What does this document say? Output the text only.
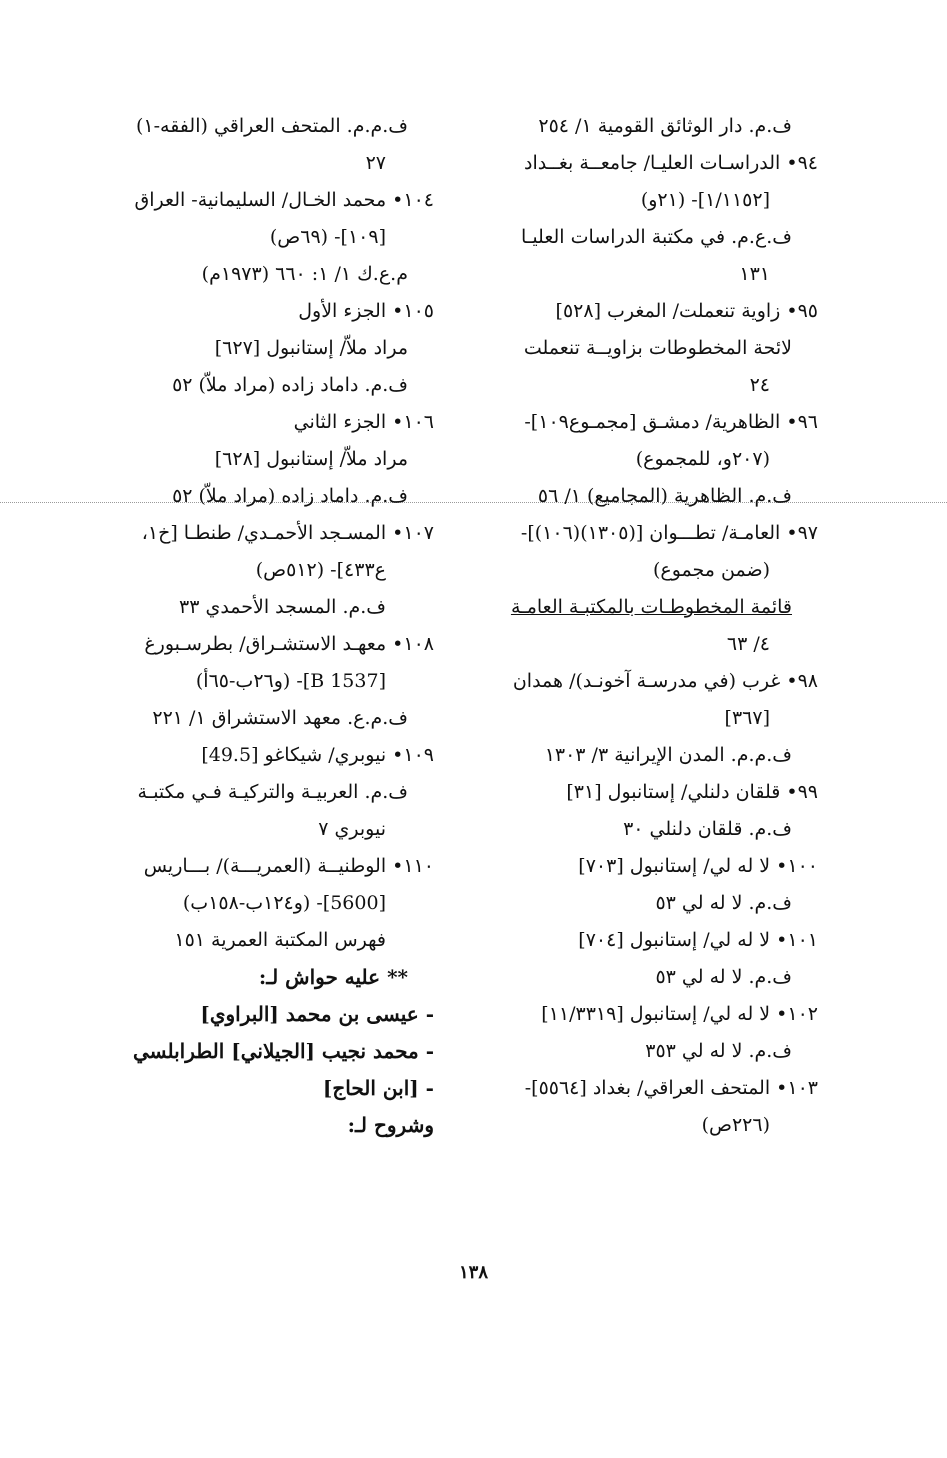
ف.م. دار الوثائق القومية ١/ ٢٥٤
٩٤• الدراسـات العليـا/ جامعــة بغــداد
[١/١١٥٢]- (٢١و)
ف.ع.م. في مكتبة الدراسات العليـا
١٣١
٩٥• زاوية تنعملت/ المغرب [٥٢٨]
لائحة المخطوطات بزاويــة تنعملت
٢٤
٩٦• الظاهرية/ دمشـق [مجمـوع١٠٩]-
(٢٠٧و، للمجموع)
ف.م. الظاهرية (المجاميع) ١/ ٥٦
٩٧• العامـة/ تطـــوان [(١٣٠٥)(١٠٦)]-
(ضمن مجموع)
قائمة المخطوطـات بالمكتبـة العامـة
٤/ ٦٣
٩٨• غرب (في مدرسـة آخونـد)/ همدان
[٣٦٧]
ف.م.م. المدن الإيرانية ٣/ ١٣٠٣
٩٩• قلقان دلنلي/ إستانبول [٣١]
ف.م. قلقان دلنلي ٣٠
١٠٠• لا له لي/ إستانبول [٧٠٣]
ف.م. لا له لي ٥٣
١٠١• لا له لي/ إستانبول [٧٠٤]
ف.م. لا له لي ٥٣
١٠٢• لا له لي/ إستانبول [١١/٣٣١٩]
ف.م. لا له لي ٣٥٣
١٠٣• المتحف العراقي/ بغداد [٥٥٦٤]-
(٢٢٦ص)
ف.م.م. المتحف العراقي (الفقه-١)
٢٧
١٠٤• محمد الخـال/ السليمانية- العراق
[١٠٩]- (٦٩ص)
م.ع.ك ١/ ١: ٦٦٠ (١٩٧٣م)
١٠٥• الجزء الأول
مراد ملاّ/ إستانبول [٦٢٧]
ف.م. داماد زاده (مراد ملاّ) ٥٢
١٠٦• الجزء الثاني
مراد ملاّ/ إستانبول [٦٢٨]
ف.م. داماد زاده (مراد ملاّ) ٥٢
١٠٧• المسـجد الأحمـدي/ طنطـا [خ١،
ع٤٣٣]- (٥١٢ص)
ف.م. المسجد الأحمدي ٣٣
١٠٨• معهـد الاستشـراق/ بطرسـبورغ
[B 1537]- (و٢٦ب-٦٥أ)
ف.م.ع. معهد الاستشراق ١/ ٢٢١
١٠٩• نيوبري/ شيكاغو [49.5]
ف.م. العربيـة والتركيـة فـي مكتبـة
نيوبري ٧
١١٠• الوطنيــة (العمريـــة)/ بـــاريس
[5600]- (و١٢٤ب-١٥٨ب)
فهرس المكتبة العمرية ١٥١
** عليه حواش لـ:
- عيسى بن محمد [البراوي]
- محمد نجيب [الجيلاني] الطرابلسي
- [ابن الحاج]
وشروح لـ:
١٣٨
